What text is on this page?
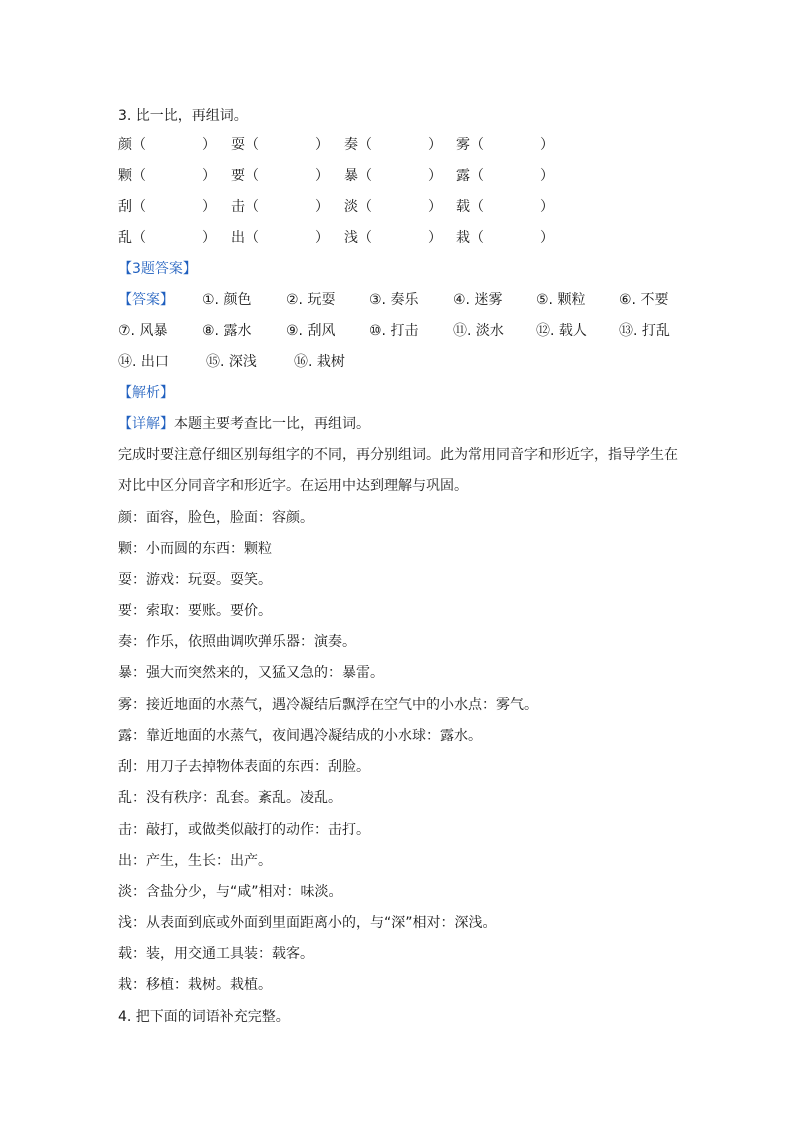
3. 比一比，再组词。
颜（　　　　） 耍（　　　　） 奏（　　　　） 雾（　　　　）
颗（　　　　） 要（　　　　） 暴（　　　　） 露（　　　　）
刮（　　　　） 击（　　　　） 淡（　　　　） 载（　　　　）
乱（　　　　） 出（　　　　） 浅（　　　　） 栽（　　　　）
【3题答案】
【答案】 ①. 颜色 ②. 玩耍 ③. 奏乐 ④. 迷雾 ⑤. 颗粒 ⑥. 不要
⑦. 风暴 ⑧. 露水 ⑨. 刮风 ⑩. 打击 ⑪. 淡水 ⑫. 载人 ⑬. 打乱
⑭. 出口	⑮. 深浅	⑯. 栽树
【解析】
【详解】本题主要考查比一比，再组词。
完成时要注意仔细区别每组字的不同，再分别组词。此为常用同音字和形近字，指导学生在
对比中区分同音字和形近字。在运用中达到理解与巩固。
颜：面容，脸色，脸面：容颜。
颗：小而圆的东西：颗粒
耍：游戏：玩耍。耍笑。
要：索取：要账。要价。
奏：作乐，依照曲调吹弹乐器：演奏。
暴：强大而突然来的，又猛又急的：暴雷。
雾：接近地面的水蒸气，遇冷凝结后飘浮在空气中的小水点：雾气。
露：靠近地面的水蒸气，夜间遇冷凝结成的小水球：露水。
刮：用刀子去掉物体表面的东西：刮脸。
乱：没有秩序：乱套。紊乱。凌乱。
击：敲打，或做类似敲打的动作：击打。
出：产生，生长：出产。
淡：含盐分少，与“咸”相对：味淡。
浅：从表面到底或外面到里面距离小的，与“深”相对：深浅。
载：装，用交通工具装：载客。
栽：移植：栽树。栽植。
4. 把下面的词语补充完整。
